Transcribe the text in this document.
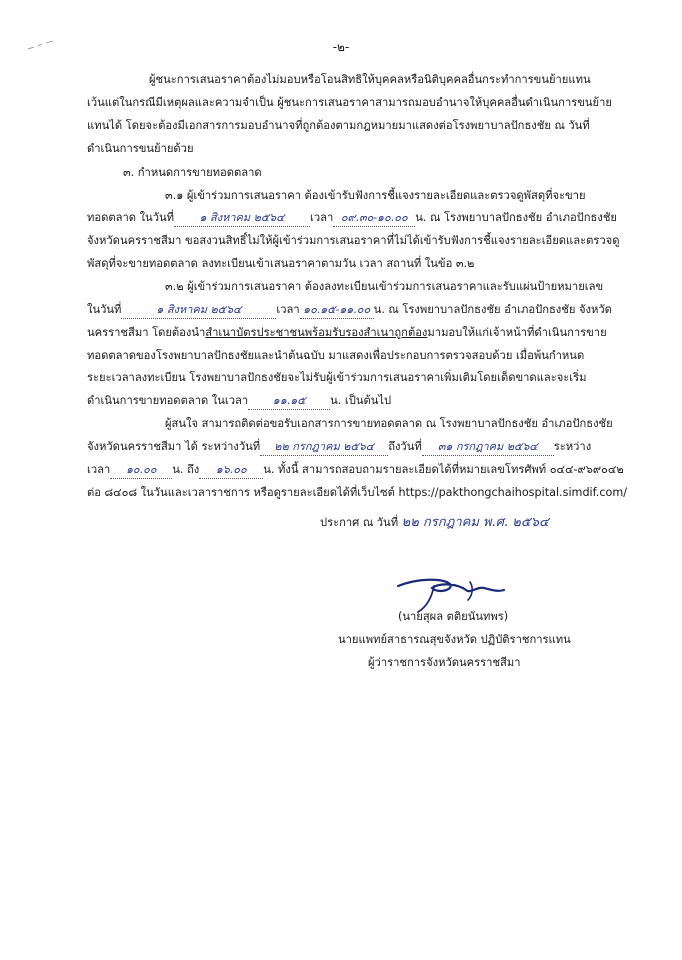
-๒-
ผู้ชนะการเสนอราคาต้องไม่มอบหรือโอนสิทธิให้บุคคลหรือนิติบุคคลอื่นกระทำการขนย้ายแทน
เว้นแต่ในกรณีมีเหตุผลและความจำเป็น ผู้ชนะการเสนอราคาสามารถมอบอำนาจให้บุคคลอื่นดำเนินการขนย้าย
แทนได้ โดยจะต้องมีเอกสารการมอบอำนาจที่ถูกต้องตามกฎหมายมาแสดงต่อโรงพยาบาลปักธงชัย ณ วันที่
ดำเนินการขนย้ายด้วย
๓. กำหนดการขายทอดตลาด
๓.๑ ผู้เข้าร่วมการเสนอราคา ต้องเข้ารับฟังการชี้แจงรายละเอียดและตรวจดูพัสดุที่จะขาย
ทอดตลาด ในวันที่ ๑ สิงหาคม ๒๕๖๔ เวลา ๐๙.๓๐-๑๐.๐๐ น. ณ โรงพยาบาลปักธงชัย อำเภอปักธงชัย
จังหวัดนครราชสีมา ขอสงวนสิทธิ์ไม่ให้ผู้เข้าร่วมการเสนอราคาที่ไม่ได้เข้ารับฟังการชี้แจงรายละเอียดและตรวจดู
พัสดุที่จะขายทอดตลาด ลงทะเบียนเข้าเสนอราคาตามวัน เวลา สถานที่ ในข้อ ๓.๒
๓.๒ ผู้เข้าร่วมการเสนอราคา ต้องลงทะเบียนเข้าร่วมการเสนอราคาและรับแผ่นป้ายหมายเลข
ในวันที่	๑ สิงหาคม ๒๕๖๔	เวลา ๑๐.๑๕-๑๑.๐๐ น. ณ โรงพยาบาลปักธงชัย อำเภอปักธงชัย จังหวัด
นครราชสีมา โดยต้องนำสำเนาบัตรประชาชนพร้อมรับรองสำเนาถูกต้องมามอบให้แก่เจ้าหน้าที่ดำเนินการขาย
ทอดตลาดของโรงพยาบาลปักธงชัยและนำต้นฉบับ มาแสดงเพื่อประกอบการตรวจสอบด้วย เมื่อพ้นกำหนด
ระยะเวลาลงทะเบียน โรงพยาบาลปักธงชัยจะไม่รับผู้เข้าร่วมการเสนอราคาเพิ่มเติมโดยเด็ดขาดและจะเริ่ม
ดำเนินการขายทอดตลาด ในเวลา ๑๑.๑๕ น. เป็นต้นไป
ผู้สนใจ สามารถติดต่อขอรับเอกสารการขายทอดตลาด ณ โรงพยาบาลปักธงชัย อำเภอปักธงชัย
จังหวัดนครราชสีมา ได้ ระหว่างวันที่ ๒๒ กรกฎาคม ๒๕๖๔ ถึงวันที่ ๓๑ กรกฎาคม ๒๕๖๔ ระหว่าง
เวลา ๑๐.๐๐ น. ถึง ๑๖.๐๐ น. ทั้งนี้ สามารถสอบถามรายละเอียดได้ที่หมายเลขโทรศัพท์ ๐๔๔-๙๖๙๐๔๒
ต่อ ๘๔๐๘ ในวันและเวลาราชการ หรือดูรายละเอียดได้ที่เว็บไซต์ https://pakthongchaihospital.simdif.com/
ประกาศ ณ วันที่ ๒๒ กรกฎาคม พ.ศ. ๒๕๖๔
(นายสุผล ตติยนันทพร)
นายแพทย์สาธารณสุขจังหวัด ปฏิบัติราชการแทน
ผู้ว่าราชการจังหวัดนครราชสีมา
